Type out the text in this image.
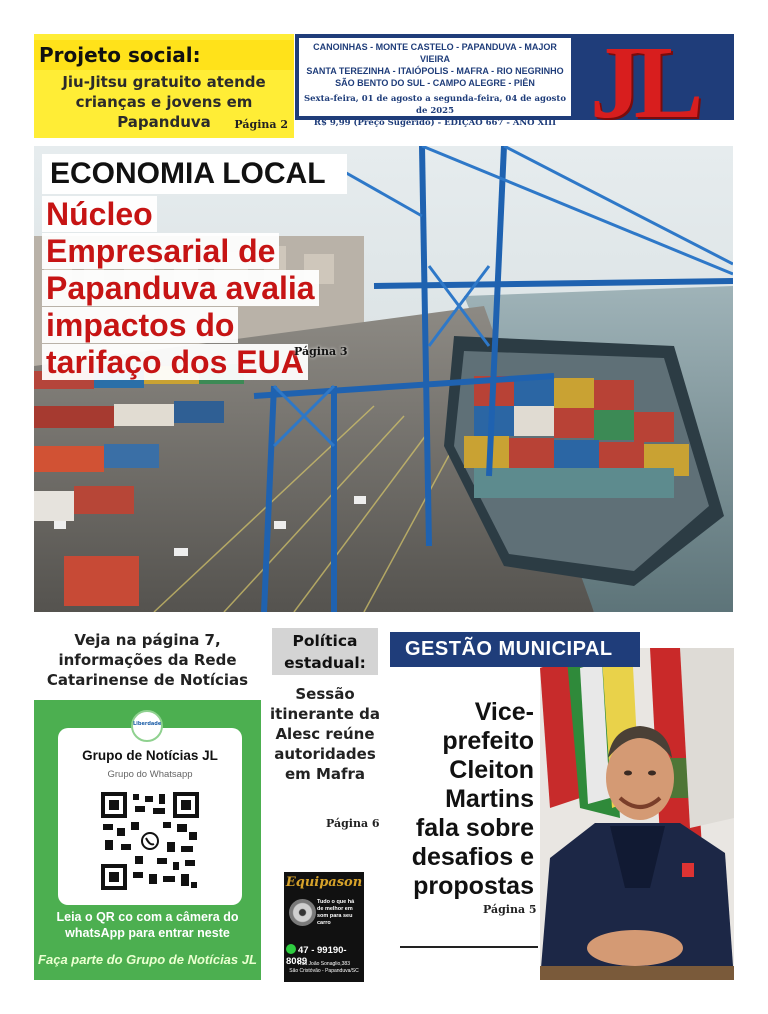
Projeto social:
Jiu-Jitsu gratuito atende crianças e jovens em Papanduva	Página 2
CANOINHAS - MONTE CASTELO - PAPANDUVA - MAJOR VIEIRA
SANTA TEREZINHA - ITAIÓPOLIS - MAFRA - RIO NEGRINHO
SÃO BENTO DO SUL - CAMPO ALEGRE - PIÊN
Sexta-feira, 01 de agosto a segunda-feira, 04 de agosto de 2025
R$ 9,99 (Preço Sugerido) - EDIÇÃO 667 - ANO XIII JL
ECONOMIA LOCAL
Núcleo Empresarial de Papanduva avalia impactos do tarifaço dos EUA
Página 3
Veja na página 7, informações da Rede Catarinense de Notícias
Grupo de Notícias JL
Grupo do Whatsapp
Liberdade
Leia o QR co com a câmera do whatsApp para entrar neste
Faça parte do Grupo de Notícias JL
Política estadual:
Sessão itinerante da Alesc reúne autoridades em Mafra
Página 6
Equipason
Tudo o que há de melhor em som para seu carro
47 - 99190-8089
Rua João Sonaglio,383
São Cristóvão - Papanduva/SC
GESTÃO MUNICIPAL
Vice-prefeito Cleiton Martins fala sobre desafios e propostas
Página 5
